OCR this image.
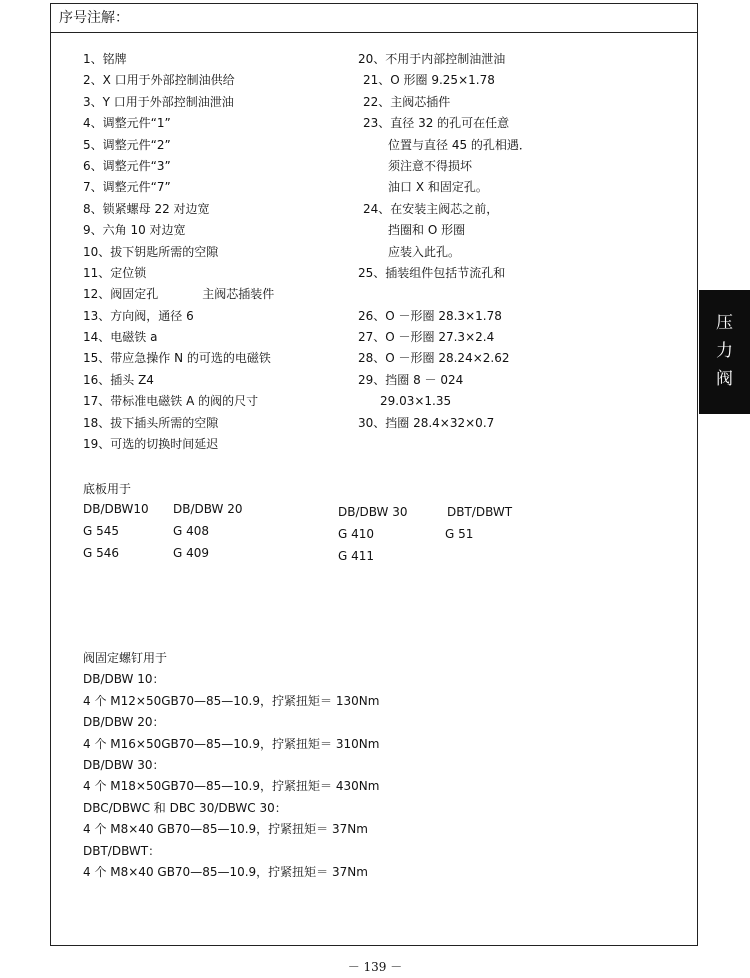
序号注解：
1、铭牌
2、X 口用于外部控制油供给
3、Y 口用于外部控制油泄油
4、调整元件“1”
5、调整元件“2”
6、调整元件“3”
7、调整元件“7”
8、锁紧螺母 22 对边宽
9、六角 10 对边宽
10、拔下钥匙所需的空隙
11、定位锁
12、阀固定孔	主阀芯插装件
13、方向阀，通径 6
14、电磁铁 a
15、带应急操作 N 的可选的电磁铁
16、插头 Z4
17、带标准电磁铁 A 的阀的尺寸
18、拔下插头所需的空隙
19、可选的切换时间延迟
20、不用于内部控制油泄油
21、O 形圈 9.25×1.78
22、主阀芯插件
23、直径 32 的孔可在任意
位置与直径 45 的孔相遇．
须注意不得损坏
油口 X 和固定孔。
24、在安装主阀芯之前，
挡圈和 O 形圈
应装入此孔。
25、插装组件包括节流孔和
26、O －形圈 28.3×1.78
27、O －形圈 27.3×2.4
28、O －形圈 28.24×2.62
29、挡圈 8 － 024
29.03×1.35
30、挡圈 28.4×32×0.7
底板用于
DB/DBW10
G 545
G 546
DB/DBW 20
G 408
G 409
DB/DBW 30
G 410
G 411
DBT/DBWT
G 51
阀固定螺钉用于
DB/DBW 10：
4 个 M12×50GB70—85—10.9，拧紧扭矩＝ 130Nm
DB/DBW 20：
4 个 M16×50GB70—85—10.9，拧紧扭矩＝ 310Nm
DB/DBW 30：
4 个 M18×50GB70—85—10.9，拧紧扭矩＝ 430Nm
DBC/DBWC 和 DBC 30/DBWC 30：
4 个 M8×40 GB70—85—10.9，拧紧扭矩＝ 37Nm
DBT/DBWT：
4 个 M8×40 GB70—85—10.9，拧紧扭矩＝ 37Nm
压
力
阀
－ 139 －
